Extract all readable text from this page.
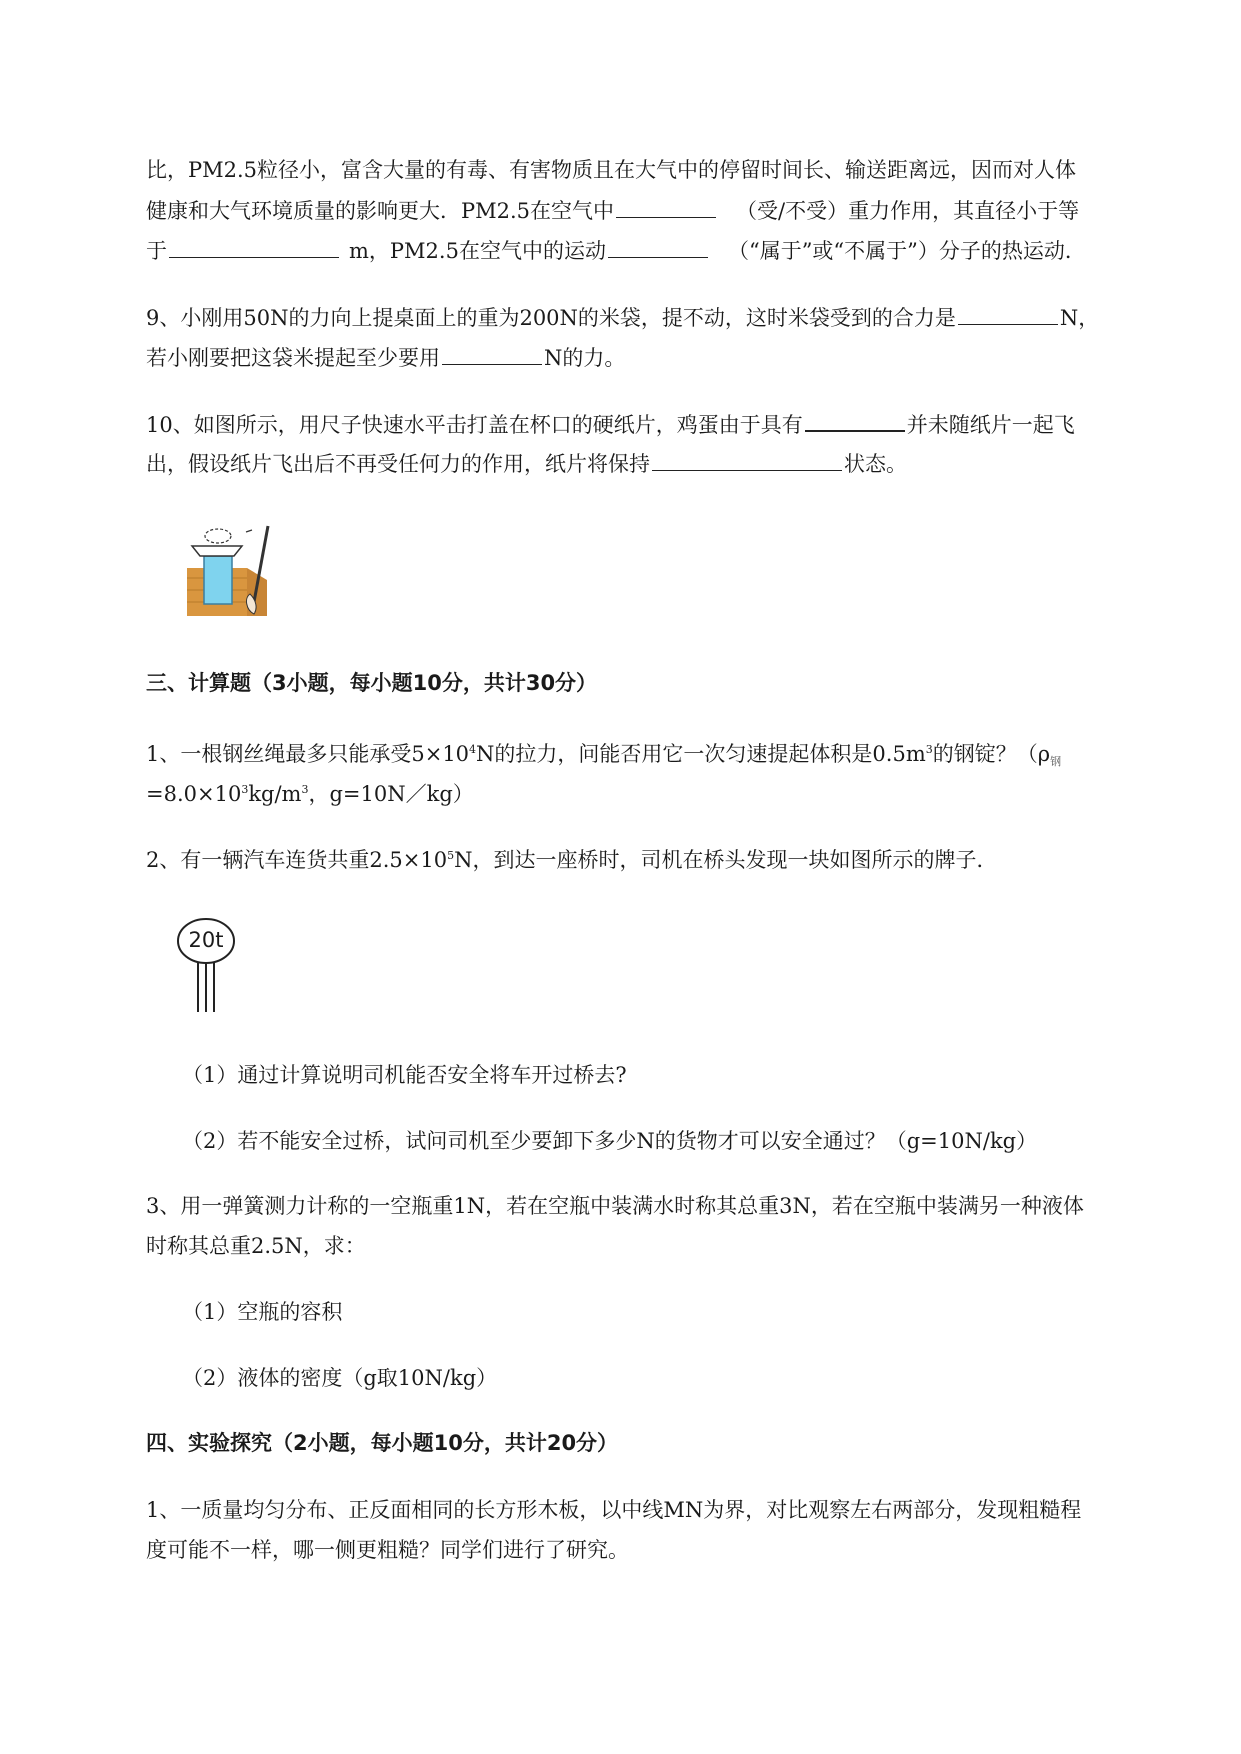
比，PM2.5粒径小，富含大量的有毒、有害物质且在大气中的停留时间长、输送距离远，因而对人体
健康和大气环境质量的影响更大．PM2.5在空气中	（受/不受）重力作用，其直径小于等
于	m，PM2.5在空气中的运动	（“属于”或“不属于”）分子的热运动．
9、小刚用50N的力向上提桌面上的重为200N的米袋，提不动，这时米袋受到的合力是	N，
若小刚要把这袋米提起至少要用	N的力。
10、如图所示，用尺子快速水平击打盖在杯口的硬纸片，鸡蛋由于具有	并未随纸片一起飞
出，假设纸片飞出后不再受任何力的作用，纸片将保持	状态。
三、计算题（3小题，每小题10分，共计30分）
1、一根钢丝绳最多只能承受$5\times 10^4N$的拉力，问能否用它一次匀速提起体积是$0.5m^3$的钢锭？（ρ钢
$=8.0\times 10^3kg/m^3$，g=10N／kg）
2、有一辆汽车连货共重$2.5\times 10^5N$，到达一座桥时，司机在桥头发现一块如图所示的牌子．
20t
（1）通过计算说明司机能否安全将车开过桥去?
（2）若不能安全过桥，试问司机至少要卸下多少N的货物才可以安全通过？（g=10N/kg）
3、用一弹簧测力计称的一空瓶重1N，若在空瓶中装满水时称其总重3N，若在空瓶中装满另一种液体
时称其总重2.5N，求：
（1）空瓶的容积
（2）液体的密度（g取10N/kg）
四、实验探究（2小题，每小题10分，共计20分）
1、一质量均匀分布、正反面相同的长方形木板，以中线MN为界，对比观察左右两部分，发现粗糙程
度可能不一样，哪一侧更粗糙？同学们进行了研究。
